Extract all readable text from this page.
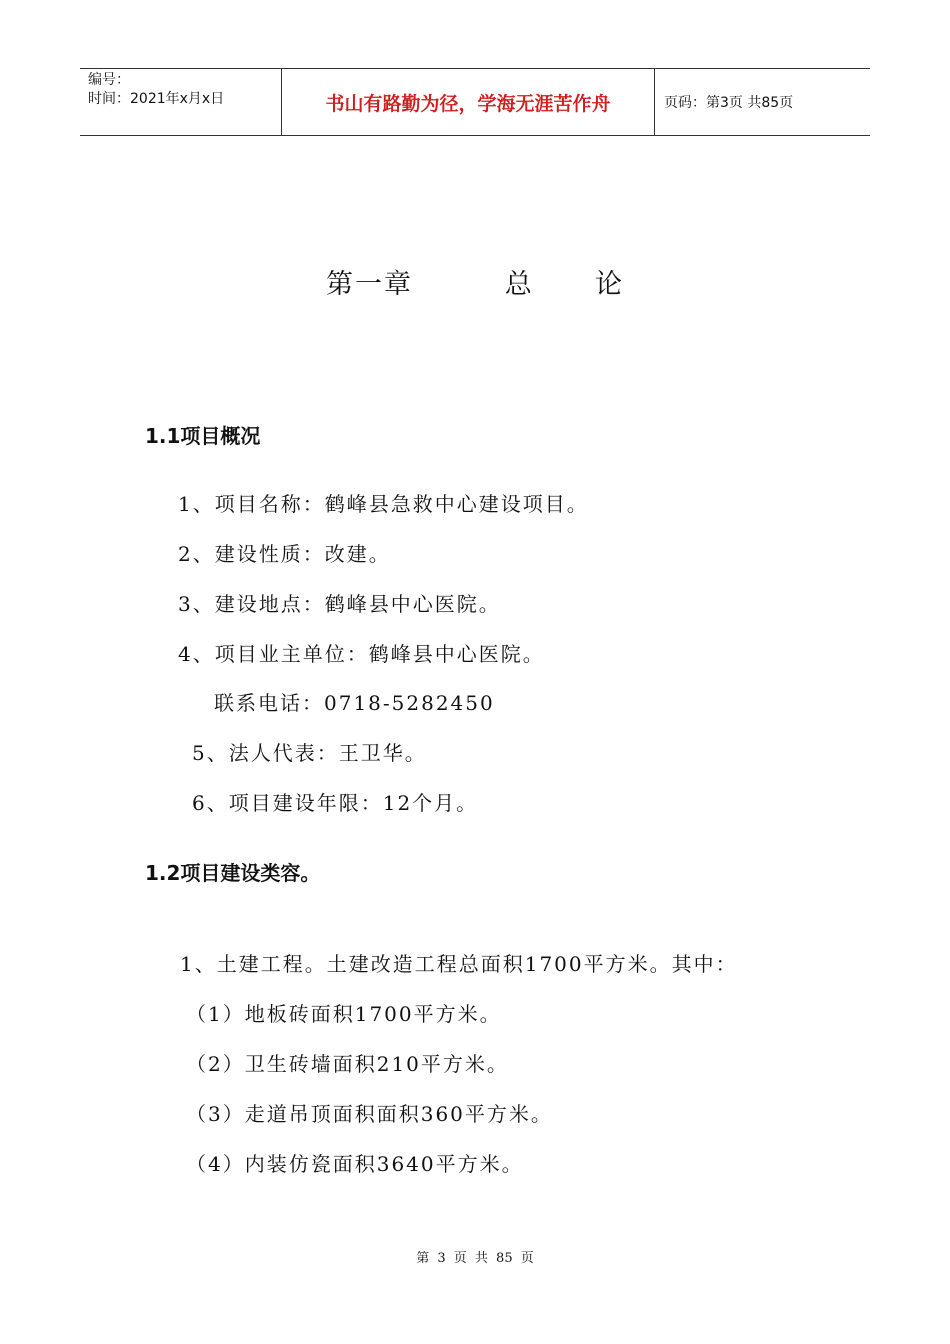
编号：
时间：2021年x月x日	书山有路勤为径，学海无涯苦作舟	页码：第3页 共85页
第一章   总  论
1.1项目概况
1、项目名称：鹤峰县急救中心建设项目。
2、建设性质：改建。
3、建设地点：鹤峰县中心医院。
4、项目业主单位：鹤峰县中心医院。
联系电话：0718-5282450
5、法人代表：王卫华。
6、项目建设年限：12个月。
1.2项目建设类容。
1、土建工程。土建改造工程总面积1700平方米。其中：
（1）地板砖面积1700平方米。
（2）卫生砖墙面积210平方米。
（3）走道吊顶面积面积360平方米。
（4）内装仿瓷面积3640平方米。
第 3 页 共 85 页
